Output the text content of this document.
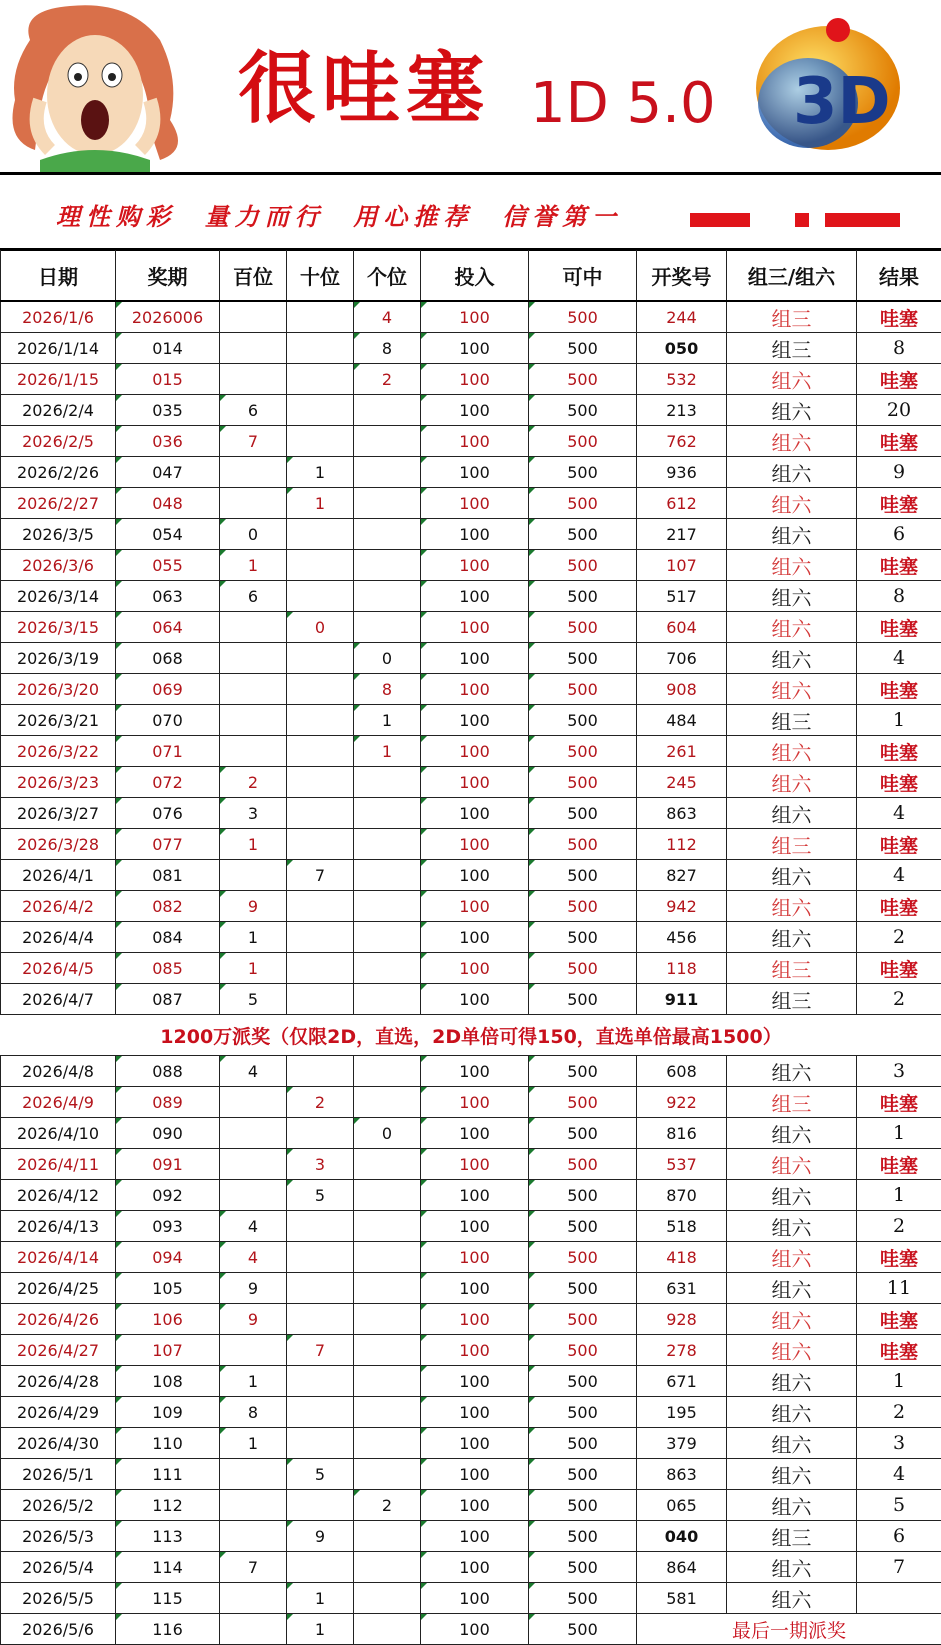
很哇塞 1D 5.0 3D
理性购彩  量力而行  用心推荐  信誉第一
日期	奖期	百位	十位	个位	投入	可中	开奖号	组三/组六	结果
2026/1/6	2026006			4	100	500	244	组三	哇塞
2026/1/14	014			8	100	500	050	组三	8
2026/1/15	015			2	100	500	532	组六	哇塞
2026/2/4	035	6			100	500	213	组六	20
2026/2/5	036	7			100	500	762	组六	哇塞
2026/2/26	047		1		100	500	936	组六	9
2026/2/27	048		1		100	500	612	组六	哇塞
2026/3/5	054	0			100	500	217	组六	6
2026/3/6	055	1			100	500	107	组六	哇塞
2026/3/14	063	6			100	500	517	组六	8
2026/3/15	064		0		100	500	604	组六	哇塞
2026/3/19	068			0	100	500	706	组六	4
2026/3/20	069			8	100	500	908	组六	哇塞
2026/3/21	070			1	100	500	484	组三	1
2026/3/22	071			1	100	500	261	组六	哇塞
2026/3/23	072	2			100	500	245	组六	哇塞
2026/3/27	076	3			100	500	863	组六	4
2026/3/28	077	1			100	500	112	组三	哇塞
2026/4/1	081		7		100	500	827	组六	4
2026/4/2	082	9			100	500	942	组六	哇塞
2026/4/4	084	1			100	500	456	组六	2
2026/4/5	085	1			100	500	118	组三	哇塞
2026/4/7	087	5			100	500	911	组三	2
1200万派奖（仅限2D，直选，2D单倍可得150，直选单倍最高1500）									
2026/4/8	088	4			100	500	608	组六	3
2026/4/9	089		2		100	500	922	组三	哇塞
2026/4/10	090			0	100	500	816	组六	1
2026/4/11	091		3		100	500	537	组六	哇塞
2026/4/12	092		5		100	500	870	组六	1
2026/4/13	093	4			100	500	518	组六	2
2026/4/14	094	4			100	500	418	组六	哇塞
2026/4/25	105	9			100	500	631	组六	11
2026/4/26	106	9			100	500	928	组六	哇塞
2026/4/27	107		7		100	500	278	组六	哇塞
2026/4/28	108	1			100	500	671	组六	1
2026/4/29	109	8			100	500	195	组六	2
2026/4/30	110	1			100	500	379	组六	3
2026/5/1	111		5		100	500	863	组六	4
2026/5/2	112			2	100	500	065	组六	5
2026/5/3	113		9		100	500	040	组三	6
2026/5/4	114	7			100	500	864	组六	7
2026/5/5	115		1		100	500	581	组六	
2026/5/6	116		1		100	500	最后一期派奖		
